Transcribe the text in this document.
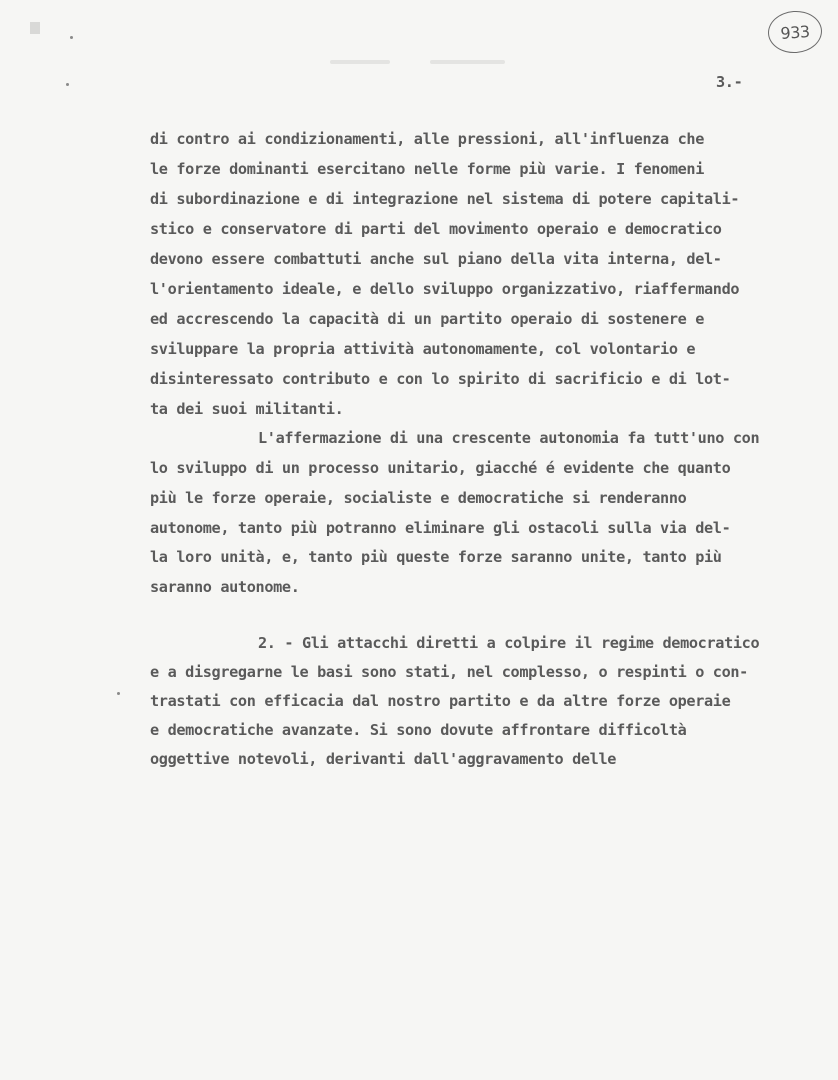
933
3.-
di contro ai condizionamenti, alle pressioni, all'influenza che
le forze dominanti esercitano nelle forme più varie. I fenomeni
di subordinazione e di integrazione nel sistema di potere capitali-
stico e conservatore di parti del movimento operaio e democratico
devono essere combattuti anche sul piano della vita interna, del-
l'orientamento ideale, e dello sviluppo organizzativo, riaffermando
ed accrescendo la capacità di un partito operaio di sostenere e
sviluppare la propria attività autonomamente, col volontario e
disinteressato contributo e con lo spirito di sacrificio e di lot-
ta dei suoi militanti.
L'affermazione di una crescente autonomia fa tutt'uno con
lo sviluppo di un processo unitario, giacché é evidente che quanto
più le forze operaie, socialiste e democratiche si renderanno
autonome, tanto più potranno eliminare gli ostacoli sulla via del-
la loro unità, e, tanto più queste forze saranno unite, tanto più
saranno autonome.
2. - Gli attacchi diretti a colpire il regime democratico
e a disgregarne le basi sono stati, nel complesso, o respinti o con-
trastati con efficacia dal nostro partito e da altre forze operaie
e democratiche avanzate. Si sono dovute affrontare difficoltà
oggettive notevoli, derivanti dall'aggravamento delle
